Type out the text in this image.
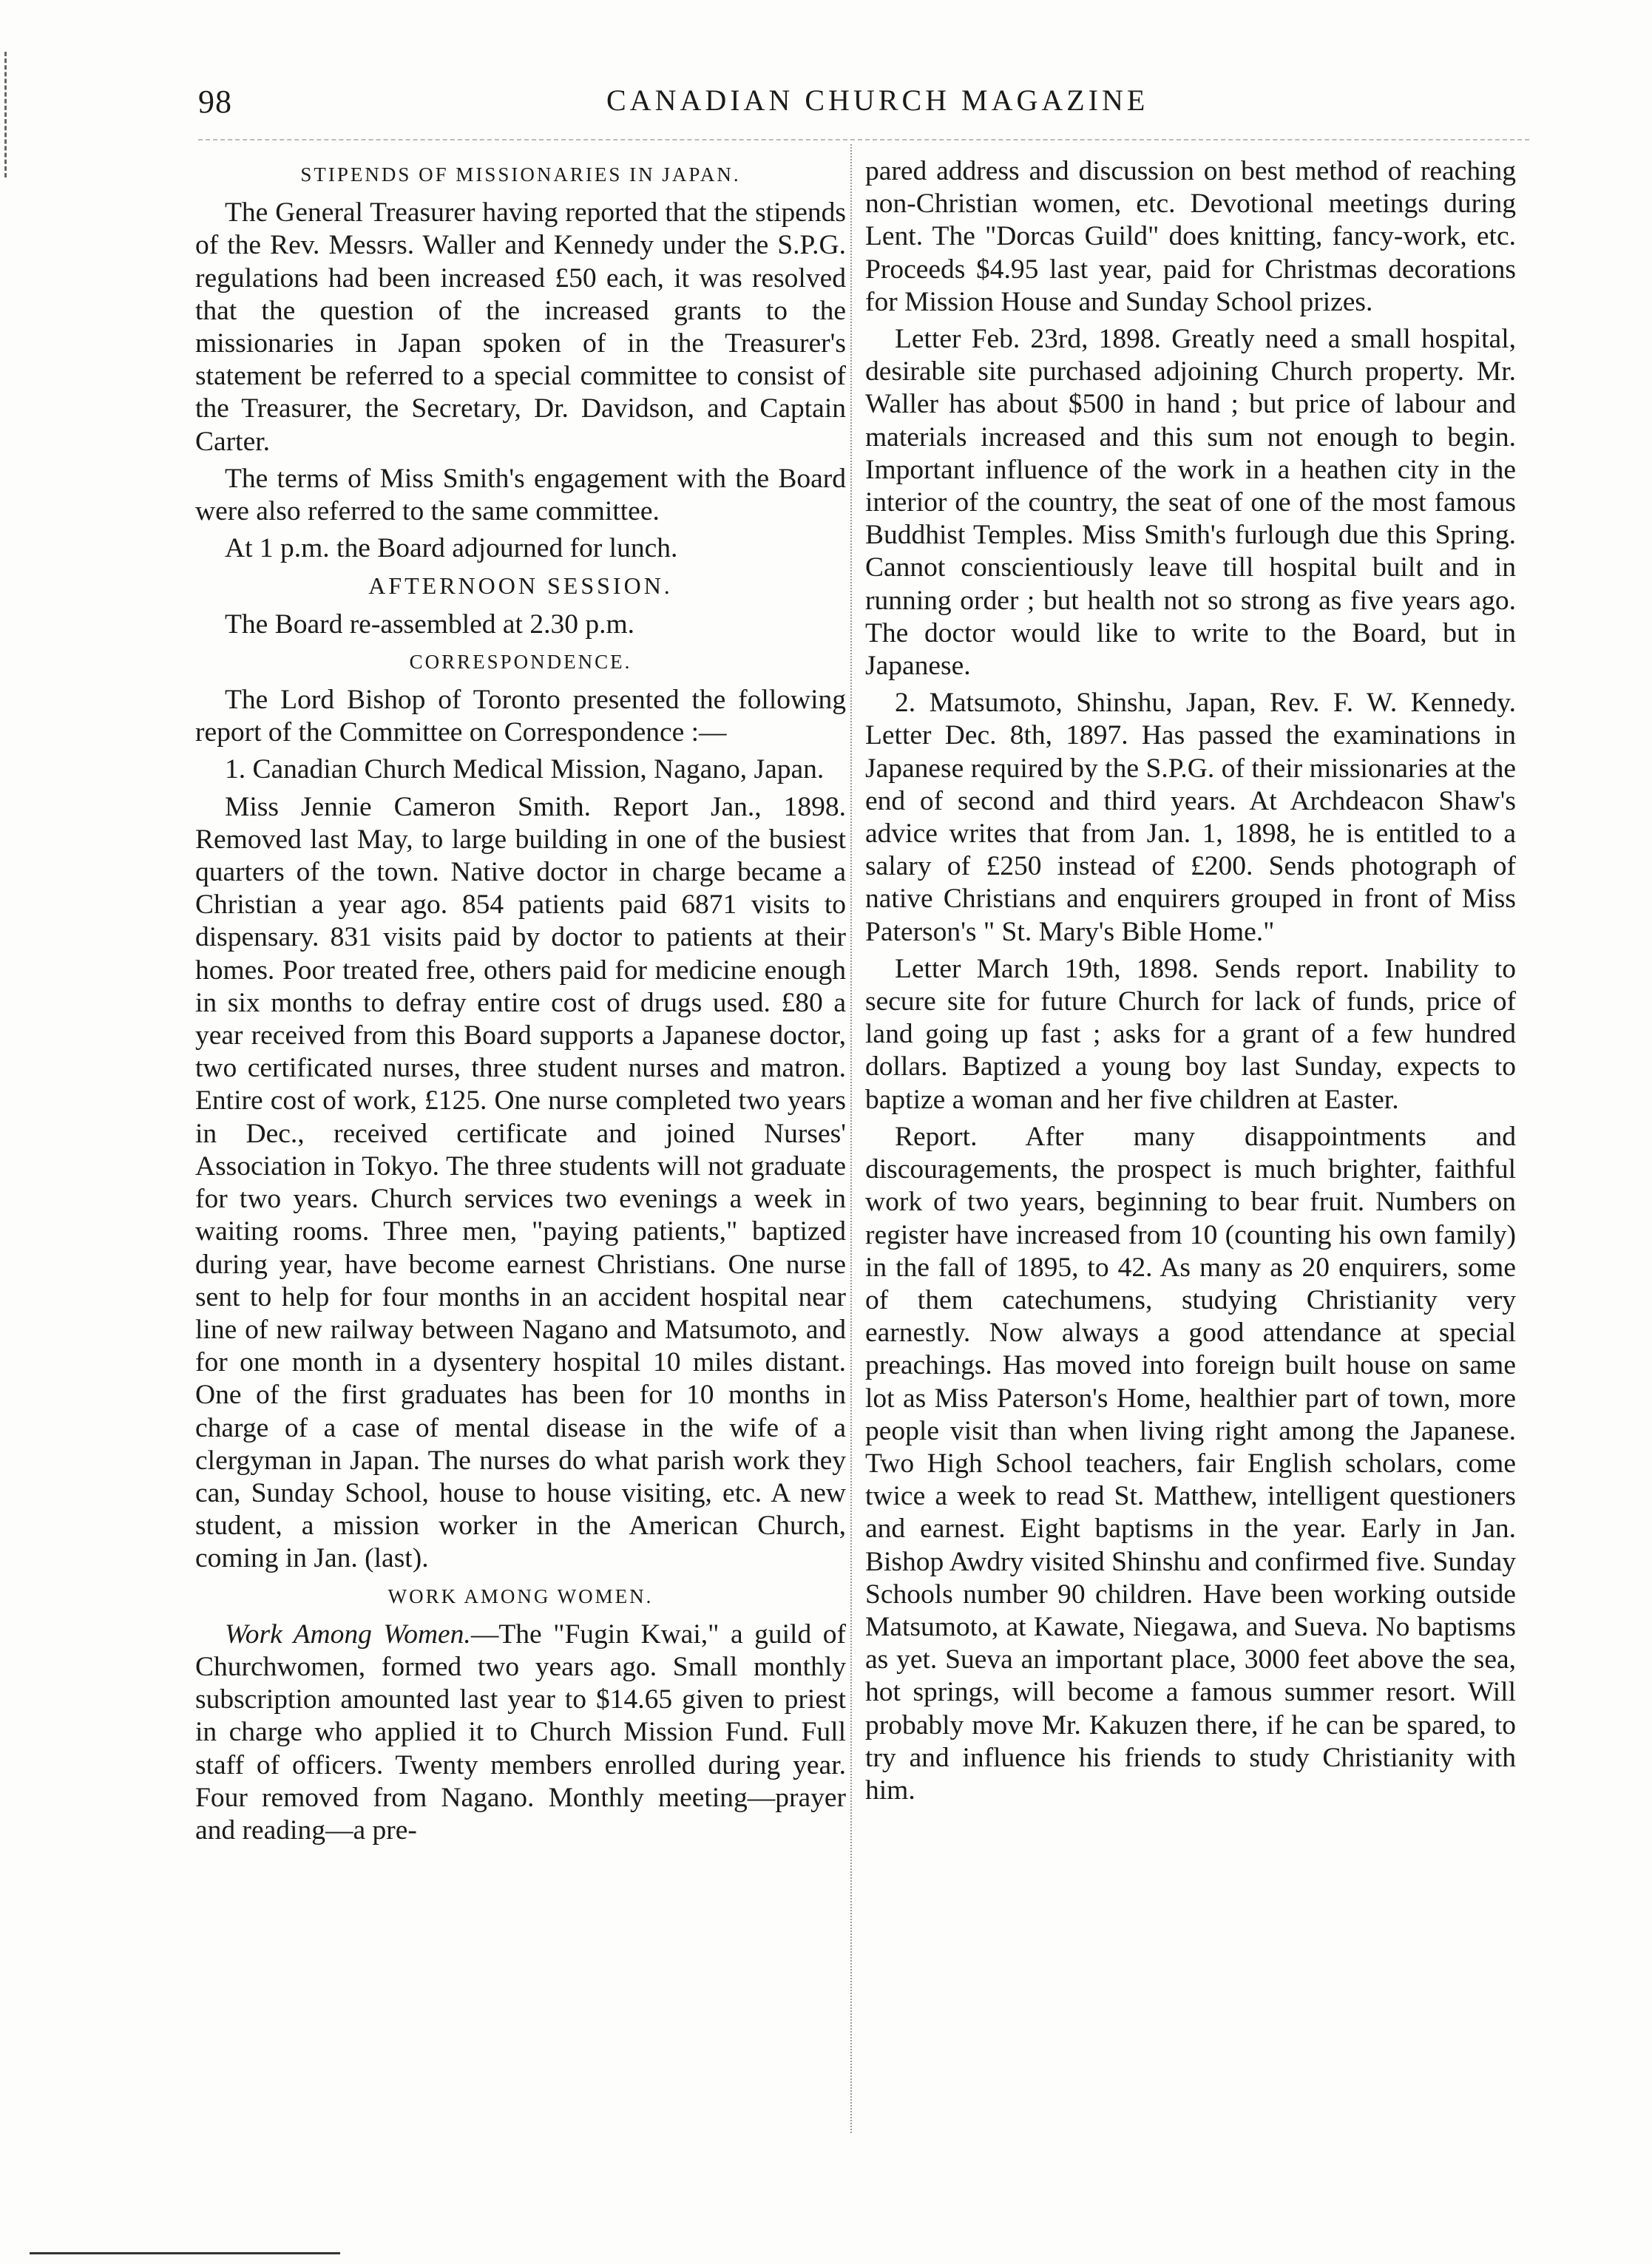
98	CANADIAN CHURCH MAGAZINE
STIPENDS OF MISSIONARIES IN JAPAN.

The General Treasurer having reported that the stipends of the Rev. Messrs. Waller and Kennedy under the S.P.G. regulations had been increased £50 each, it was resolved that the question of the increased grants to the missionaries in Japan spoken of in the Treasurer's statement be referred to a special committee to consist of the Treasurer, the Secretary, Dr. Davidson, and Captain Carter.

The terms of Miss Smith's engagement with the Board were also referred to the same committee.

At 1 p.m. the Board adjourned for lunch.

AFTERNOON SESSION.

The Board re-assembled at 2.30 p.m.

CORRESPONDENCE.

The Lord Bishop of Toronto presented the following report of the Committee on Correspondence :—

1. Canadian Church Medical Mission, Nagano, Japan.

Miss Jennie Cameron Smith. Report Jan., 1898. Removed last May, to large building in one of the busiest quarters of the town. Native doctor in charge became a Christian a year ago. 854 patients paid 6871 visits to dispensary. 831 visits paid by doctor to patients at their homes. Poor treated free, others paid for medicine enough in six months to defray entire cost of drugs used. £80 a year received from this Board supports a Japanese doctor, two certificated nurses, three student nurses and matron. Entire cost of work, £125. One nurse completed two years in Dec., received certificate and joined Nurses' Association in Tokyo. The three students will not graduate for two years. Church services two evenings a week in waiting rooms. Three men, "paying patients," baptized during year, have become earnest Christians. One nurse sent to help for four months in an accident hospital near line of new railway between Nagano and Matsumoto, and for one month in a dysentery hospital 10 miles distant. One of the first graduates has been for 10 months in charge of a case of mental disease in the wife of a clergyman in Japan. The nurses do what parish work they can, Sunday School, house to house visiting, etc. A new student, a mission worker in the American Church, coming in Jan. (last).

WORK AMONG WOMEN.

Work Among Women.—The "Fugin Kwai," a guild of Churchwomen, formed two years ago. Small monthly subscription amounted last year to $14.65 given to priest in charge who applied it to Church Mission Fund. Full staff of officers. Twenty members enrolled during year. Four removed from Nagano. Monthly meeting—prayer and reading—a pre-

pared address and discussion on best method of reaching non-Christian women, etc. Devotional meetings during Lent. The "Dorcas Guild" does knitting, fancy-work, etc. Proceeds $4.95 last year, paid for Christmas decorations for Mission House and Sunday School prizes.

Letter Feb. 23rd, 1898. Greatly need a small hospital, desirable site purchased adjoining Church property. Mr. Waller has about $500 in hand ; but price of labour and materials increased and this sum not enough to begin. Important influence of the work in a heathen city in the interior of the country, the seat of one of the most famous Buddhist Temples. Miss Smith's furlough due this Spring. Cannot conscientiously leave till hospital built and in running order ; but health not so strong as five years ago. The doctor would like to write to the Board, but in Japanese.

2. Matsumoto, Shinshu, Japan, Rev. F. W. Kennedy. Letter Dec. 8th, 1897. Has passed the examinations in Japanese required by the S.P.G. of their missionaries at the end of second and third years. At Archdeacon Shaw's advice writes that from Jan. 1, 1898, he is entitled to a salary of £250 instead of £200. Sends photograph of native Christians and enquirers grouped in front of Miss Paterson's " St. Mary's Bible Home."

Letter March 19th, 1898. Sends report. Inability to secure site for future Church for lack of funds, price of land going up fast ; asks for a grant of a few hundred dollars. Baptized a young boy last Sunday, expects to baptize a woman and her five children at Easter.

Report. After many disappointments and discouragements, the prospect is much brighter, faithful work of two years, beginning to bear fruit. Numbers on register have increased from 10 (counting his own family) in the fall of 1895, to 42. As many as 20 enquirers, some of them catechumens, studying Christianity very earnestly. Now always a good attendance at special preachings. Has moved into foreign built house on same lot as Miss Paterson's Home, healthier part of town, more people visit than when living right among the Japanese. Two High School teachers, fair English scholars, come twice a week to read St. Matthew, intelligent questioners and earnest. Eight baptisms in the year. Early in Jan. Bishop Awdry visited Shinshu and confirmed five. Sunday Schools number 90 children. Have been working outside Matsumoto, at Kawate, Niegawa, and Sueva. No baptisms as yet. Sueva an important place, 3000 feet above the sea, hot springs, will become a famous summer resort. Will probably move Mr. Kakuzen there, if he can be spared, to try and influence his friends to study Christianity with him.
